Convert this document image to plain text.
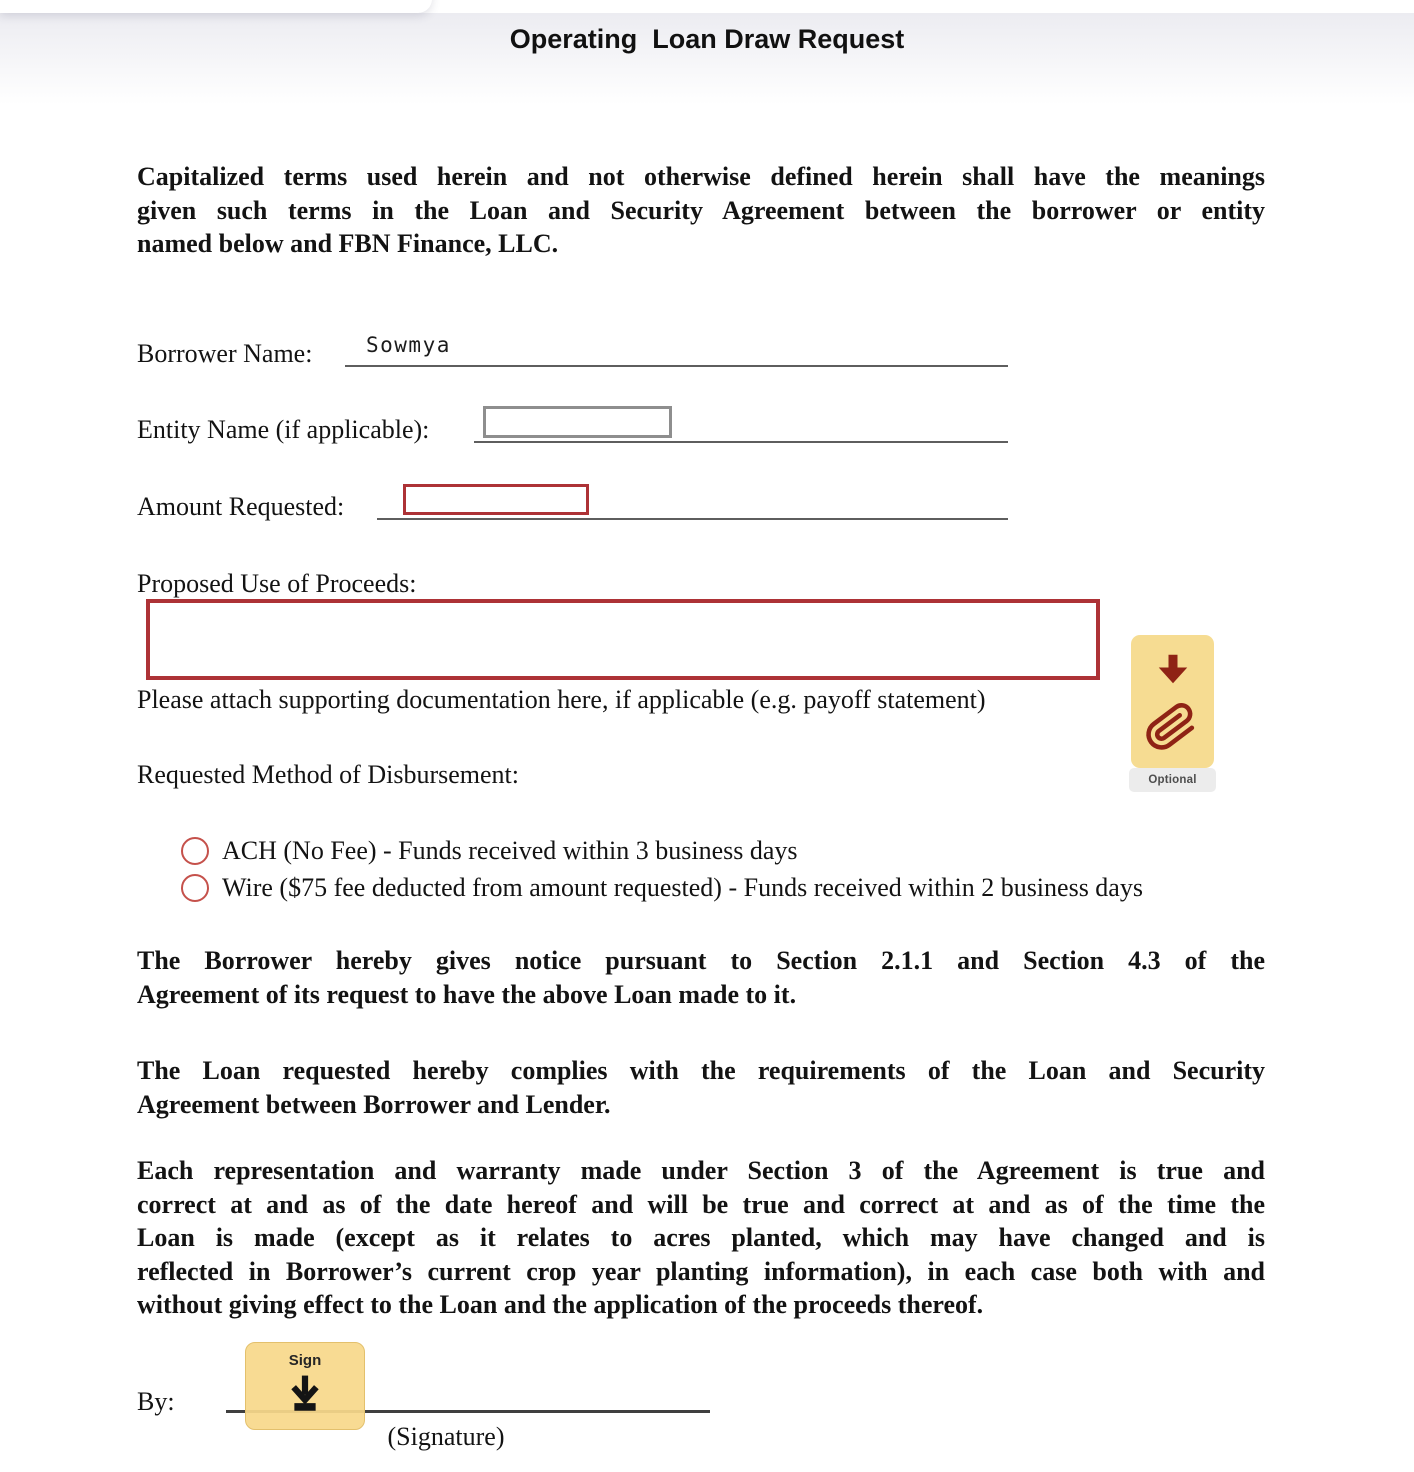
Operating  Loan Draw Request
Capitalized terms used herein and not otherwise defined herein shall have the meanings
given such terms in the Loan and Security Agreement between the borrower or entity
named below and FBN Finance, LLC.
Borrower Name:	Sowmya
Entity Name (if applicable):
Amount Requested:
Proposed Use of Proceeds:
Please attach supporting documentation here, if applicable (e.g. payoff statement)
Optional
Requested Method of Disbursement:
ACH (No Fee) - Funds received within 3 business days
Wire ($75 fee deducted from amount requested) - Funds received within 2 business days
The Borrower hereby gives notice pursuant to Section 2.1.1 and Section 4.3 of the
Agreement of its request to have the above Loan made to it.
The Loan requested hereby complies with the requirements of the Loan and Security
Agreement between Borrower and Lender.
Each representation and warranty made under Section 3 of the Agreement is true and
correct at and as of the date hereof and will be true and correct at and as of the time the
Loan is made (except as it relates to acres planted, which may have changed and is
reflected in Borrower’s current crop year planting information), in each case both with and
without giving effect to the Loan and the application of the proceeds thereof.
By:
Sign
(Signature)
